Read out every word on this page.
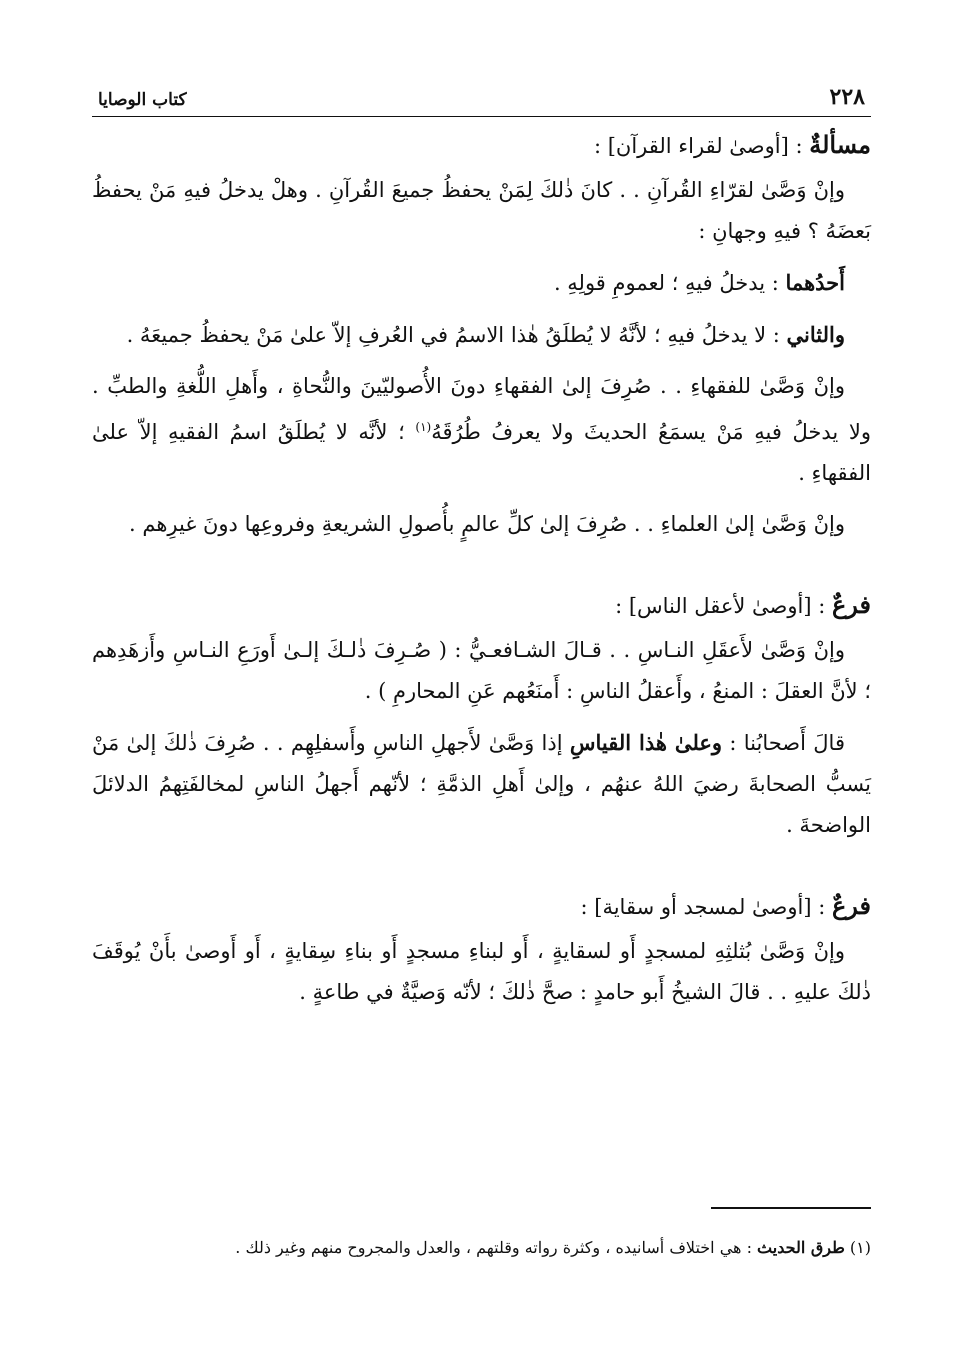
٢٢٨
كتاب الوصايا
مسألةٌ : [أوصىٰ لقراء القرآن] :

وإنْ وَصَّىٰ لقرّاءِ القُرآنِ . . كانَ ذٰلكَ لِمَنْ يحفظُ جميعَ القُرآنِ . وهلْ يدخلُ فيهِ مَنْ يحفظُ بَعضَهُ ؟ فيهِ وجهانِ :

أَحدُهما : يدخلُ فيهِ ؛ لعمومِ قولِهِ .

والثاني : لا يدخلُ فيهِ ؛ لأنَّهُ لا يُطلَقُ هٰذا الاسمُ في العُرفِ إلاّ علىٰ مَنْ يحفظُ جميعَهُ .

وإنْ وَصَّىٰ للفقهاءِ . . صُرِفَ إلىٰ الفقهاءِ دونَ الأُصوليّينَ والنُّحاةِ ، وأَهلِ اللُّغةِ والطبِّ . ولا يدخلُ فيهِ مَنْ يسمَعُ الحديثَ ولا يعرفُ طُرُقَهُ$^{(١)}$ ؛ لأنَّه لا يُطلَقُ اسمُ الفقيهِ إلاّ علىٰ الفقهاءِ .

وإنْ وَصَّىٰ إلىٰ العلماءِ . . صُرِفَ إلىٰ كلِّ عالمٍ بأُصولِ الشريعةِ وفروعِها دونَ غيرِهم .

فرعٌ : [أوصىٰ لأعقل الناس] :

وإنْ وَصَّىٰ لأَعقَلِ النـاسِ . . قـالَ الشـافعـيُّ : ( صُـرِفَ ذٰلـكَ إلـىٰ أَورَعِ النـاسِ وأَزهَدِهم ؛ لأنَّ العقلَ : المنعُ ، وأَعقلُ الناسِ : أَمنَعُهم عَنِ المحارمِ ) .

قالَ أَصحابُنا : وعلىٰ هٰذا القياسِ إذا وَصَّىٰ لأَجهلِ الناسِ وأَسفلِهِم . . صُرِفَ ذٰلكَ إلىٰ مَنْ يَسبُّ الصحابةَ رضيَ اللهُ عنهُم ، وإلىٰ أَهلِ الذمَّةِ ؛ لأنّهم أَجهلُ الناسِ لمخالفَتِهمُ الدلائلَ الواضحةَ .

فرعٌ : [أوصىٰ لمسجد أو سقاية] :

وإنْ وَصَّىٰ بُثلثِهِ لمسجدٍ أَو لسقايةٍ ، أَو لبناءِ مسجدٍ أَو بناءِ سِقايةٍ ، أَو أَوصىٰ بأَنْ يُوقَفَ ذٰلكَ عليهِ . . قالَ الشيخُ أَبو حامدٍ : صحَّ ذٰلكَ ؛ لأنّه وَصيَّةٌ في طاعةٍ .

(١) طرق الحديث : هي اختلاف أسانيده ، وكثرة رواته وقلتهم ، والعدل والمجروح منهم وغير ذلك .
